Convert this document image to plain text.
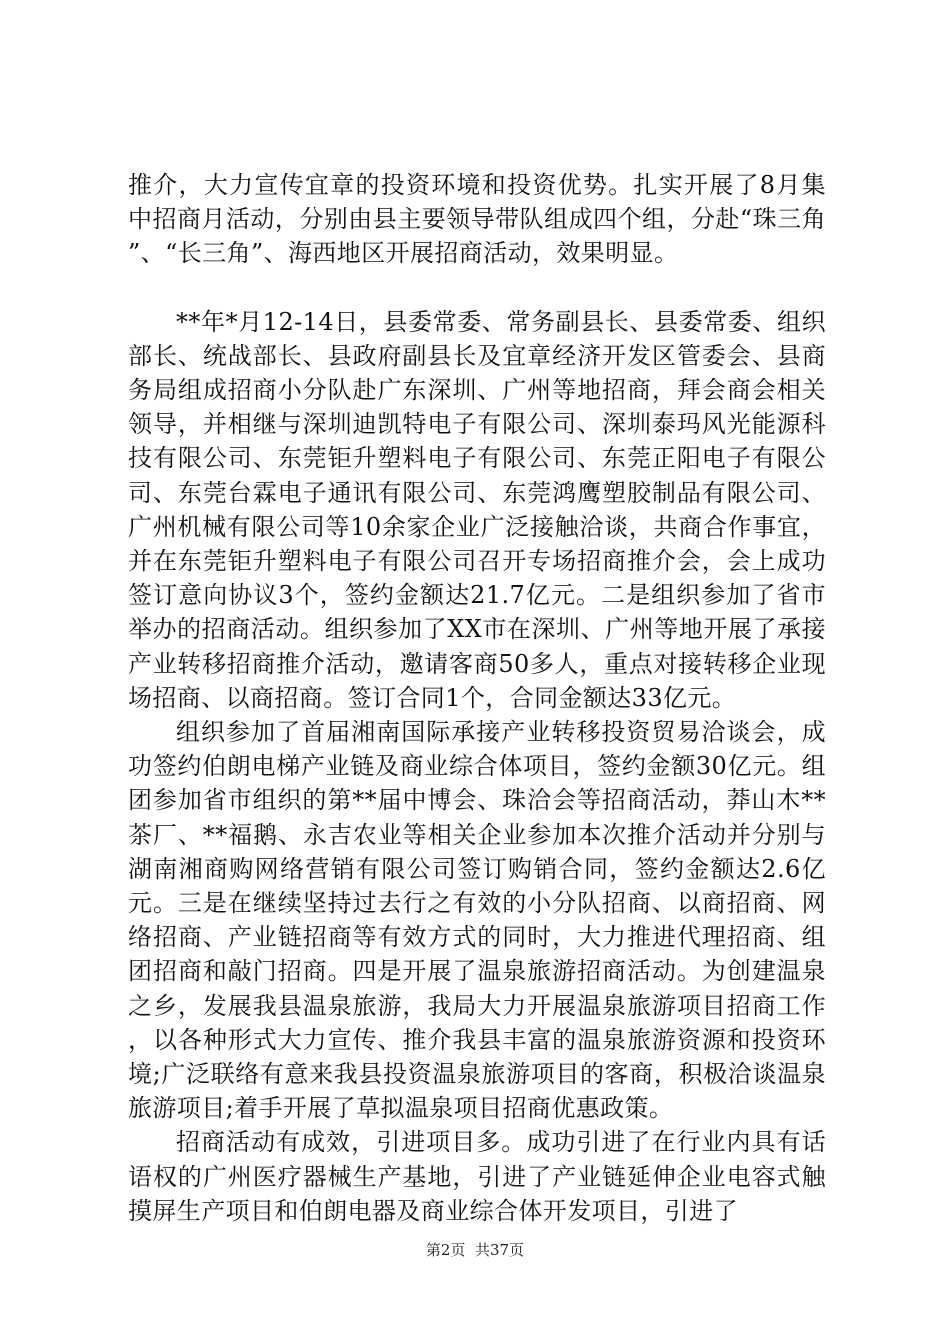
推介，大力宣传宜章的投资环境和投资优势。扎实开展了8月集中招商月活动，分别由县主要领导带队组成四个组，分赴“珠三角”、“长三角”、海西地区开展招商活动，效果明显。

**年*月12-14日，县委常委、常务副县长、县委常委、组织部长、统战部长、县政府副县长及宜章经济开发区管委会、县商务局组成招商小分队赴广东深圳、广州等地招商，拜会商会相关领导，并相继与深圳迪凯特电子有限公司、深圳泰玛风光能源科技有限公司、东莞钜升塑料电子有限公司、东莞正阳电子有限公司、东莞台霖电子通讯有限公司、东莞鸿鹰塑胶制品有限公司、广州机械有限公司等10余家企业广泛接触洽谈，共商合作事宜，并在东莞钜升塑料电子有限公司召开专场招商推介会，会上成功签订意向协议3个，签约金额达21.7亿元。二是组织参加了省市举办的招商活动。组织参加了XX市在深圳、广州等地开展了承接产业转移招商推介活动，邀请客商50多人，重点对接转移企业现场招商、以商招商。签订合同1个，合同金额达33亿元。

组织参加了首届湘南国际承接产业转移投资贸易洽谈会，成功签约伯朗电梯产业链及商业综合体项目，签约金额30亿元。组团参加省市组织的第**届中博会、珠洽会等招商活动，莽山木**茶厂、**福鹅、永吉农业等相关企业参加本次推介活动并分别与湖南湘商购网络营销有限公司签订购销合同，签约金额达2.6亿元。三是在继续坚持过去行之有效的小分队招商、以商招商、网络招商、产业链招商等有效方式的同时，大力推进代理招商、组团招商和敲门招商。四是开展了温泉旅游招商活动。为创建温泉之乡，发展我县温泉旅游，我局大力开展温泉旅游项目招商工作，以各种形式大力宣传、推介我县丰富的温泉旅游资源和投资环境;广泛联络有意来我县投资温泉旅游项目的客商，积极洽谈温泉旅游项目;着手开展了草拟温泉项目招商优惠政策。

招商活动有成效，引进项目多。成功引进了在行业内具有话语权的广州医疗器械生产基地，引进了产业链延伸企业电容式触摸屏生产项目和伯朗电器及商业综合体开发项目，引进了

第2页 共37页
